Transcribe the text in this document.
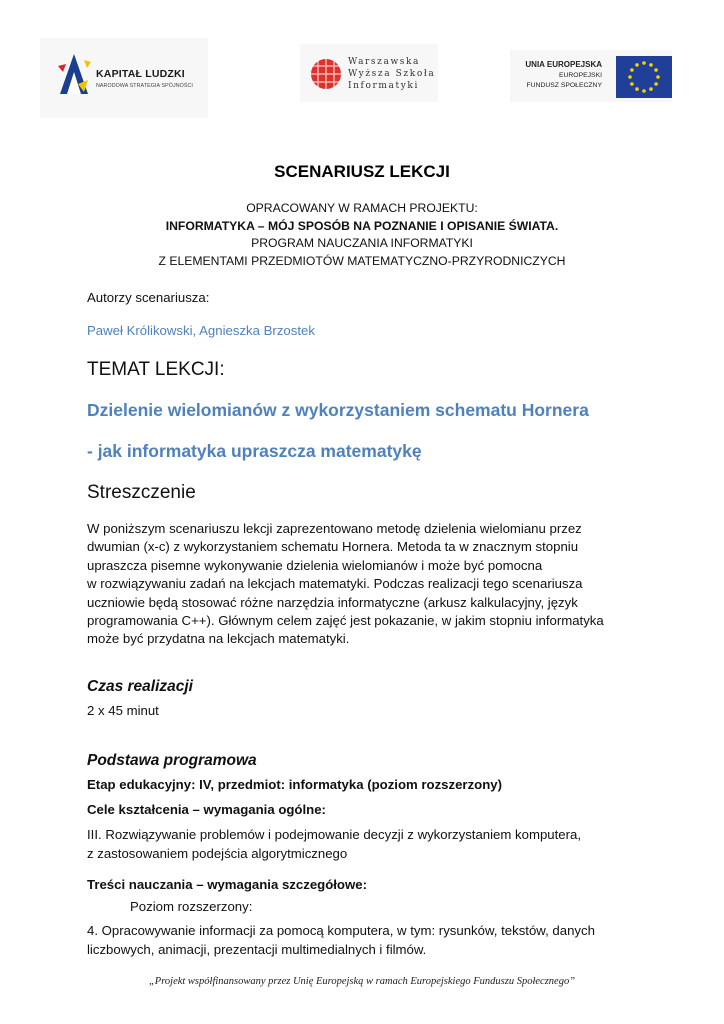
KAPITAŁ LUDZKI
NARODOWA STRATEGIA SPÓJNOŚCI
Warszawska
Wyższa Szkoła
Informatyki
UNIA EUROPEJSKA
EUROPEJSKI
FUNDUSZ SPOŁECZNY
SCENARIUSZ LEKCJI
OPRACOWANY W RAMACH PROJEKTU:
INFORMATYKA – MÓJ SPOSÓB NA POZNANIE I OPISANIE ŚWIATA.
PROGRAM NAUCZANIA INFORMATYKI
Z ELEMENTAMI PRZEDMIOTÓW MATEMATYCZNO-PRZYRODNICZYCH
Autorzy scenariusza:
Paweł Królikowski, Agnieszka Brzostek
TEMAT LEKCJI:
Dzielenie wielomianów z wykorzystaniem schematu Hornera
- jak informatyka upraszcza matematykę
Streszczenie
W poniższym scenariuszu lekcji zaprezentowano metodę dzielenia wielomianu przez
dwumian (x-c) z wykorzystaniem schematu Hornera. Metoda ta w znacznym stopniu
upraszcza pisemne wykonywanie dzielenia wielomianów i może być pomocna
w rozwiązywaniu zadań na lekcjach matematyki. Podczas realizacji tego scenariusza
uczniowie będą stosować różne narzędzia informatyczne (arkusz kalkulacyjny, język
programowania C++). Głównym celem zajęć jest pokazanie, w jakim stopniu informatyka
może być przydatna na lekcjach matematyki.
Czas realizacji
2 x 45 minut
Podstawa programowa
Etap edukacyjny: IV, przedmiot: informatyka (poziom rozszerzony)
Cele kształcenia – wymagania ogólne:
III. Rozwiązywanie problemów i podejmowanie decyzji z wykorzystaniem komputera,
z zastosowaniem podejścia algorytmicznego
Treści nauczania – wymagania szczegółowe:
Poziom rozszerzony:
4. Opracowywanie informacji za pomocą komputera, w tym: rysunków, tekstów, danych
liczbowych, animacji, prezentacji multimedialnych i filmów.
„Projekt współfinansowany przez Unię Europejską w ramach Europejskiego Funduszu Społecznego”
